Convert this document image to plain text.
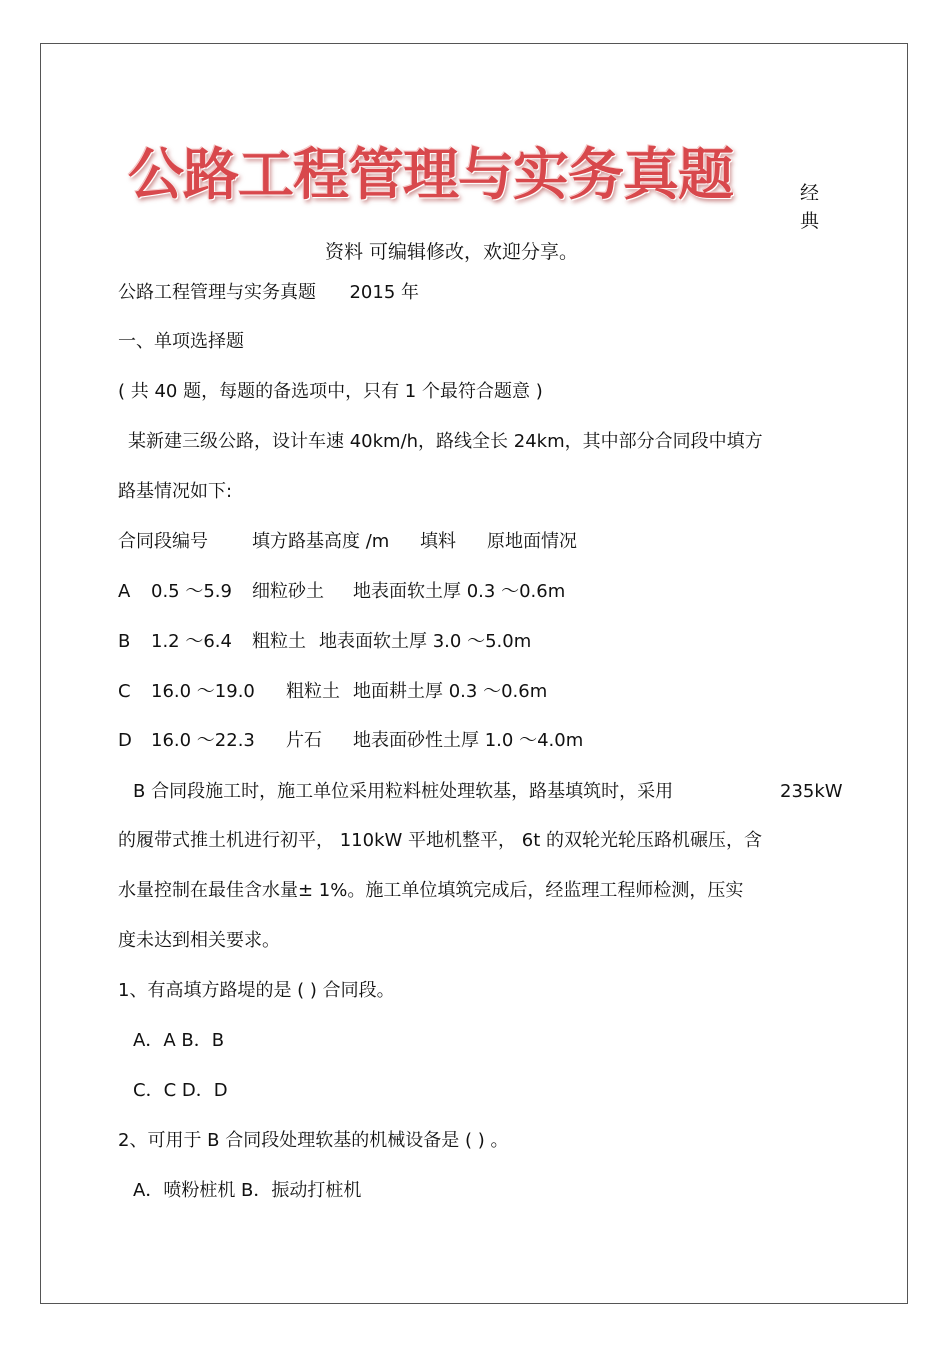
公路工程管理与实务真题	经
典
资料 可编辑修改，欢迎分享。
公路工程管理与实务真题 2015 年
一、单项选择题
( 共 40 题，每题的备选项中，只有 1 个最符合题意 )
某新建三级公路，设计车速 40km/h，路线全长 24km，其中部分合同段中填方
路基情况如下:
合同段编号 填方路基高度 /m 填料 原地面情况
A 0.5 ～5.9 细粒砂土 地表面软土厚 0.3 ～0.6m
B 1.2 ～6.4 粗粒土 地表面软土厚 3.0 ～5.0m
C 16.0 ～19.0 粗粒土 地面耕土厚 0.3 ～0.6m
D 16.0 ～22.3 片石 地表面砂性土厚 1.0 ～4.0m
B 合同段施工时，施工单位采用粒料桩处理软基，路基填筑时，采用	235kW
的履带式推土机进行初平， 110kW 平地机整平， 6t 的双轮光轮压路机碾压，含
水量控制在最佳含水量± 1%。施工单位填筑完成后，经监理工程师检测，压实
度未达到相关要求。
1、有高填方路堤的是 ( ) 合同段。
A．A B．B
C．C D．D
2、可用于 B 合同段处理软基的机械设备是 ( ) 。
A．喷粉桩机 B．振动打桩机
